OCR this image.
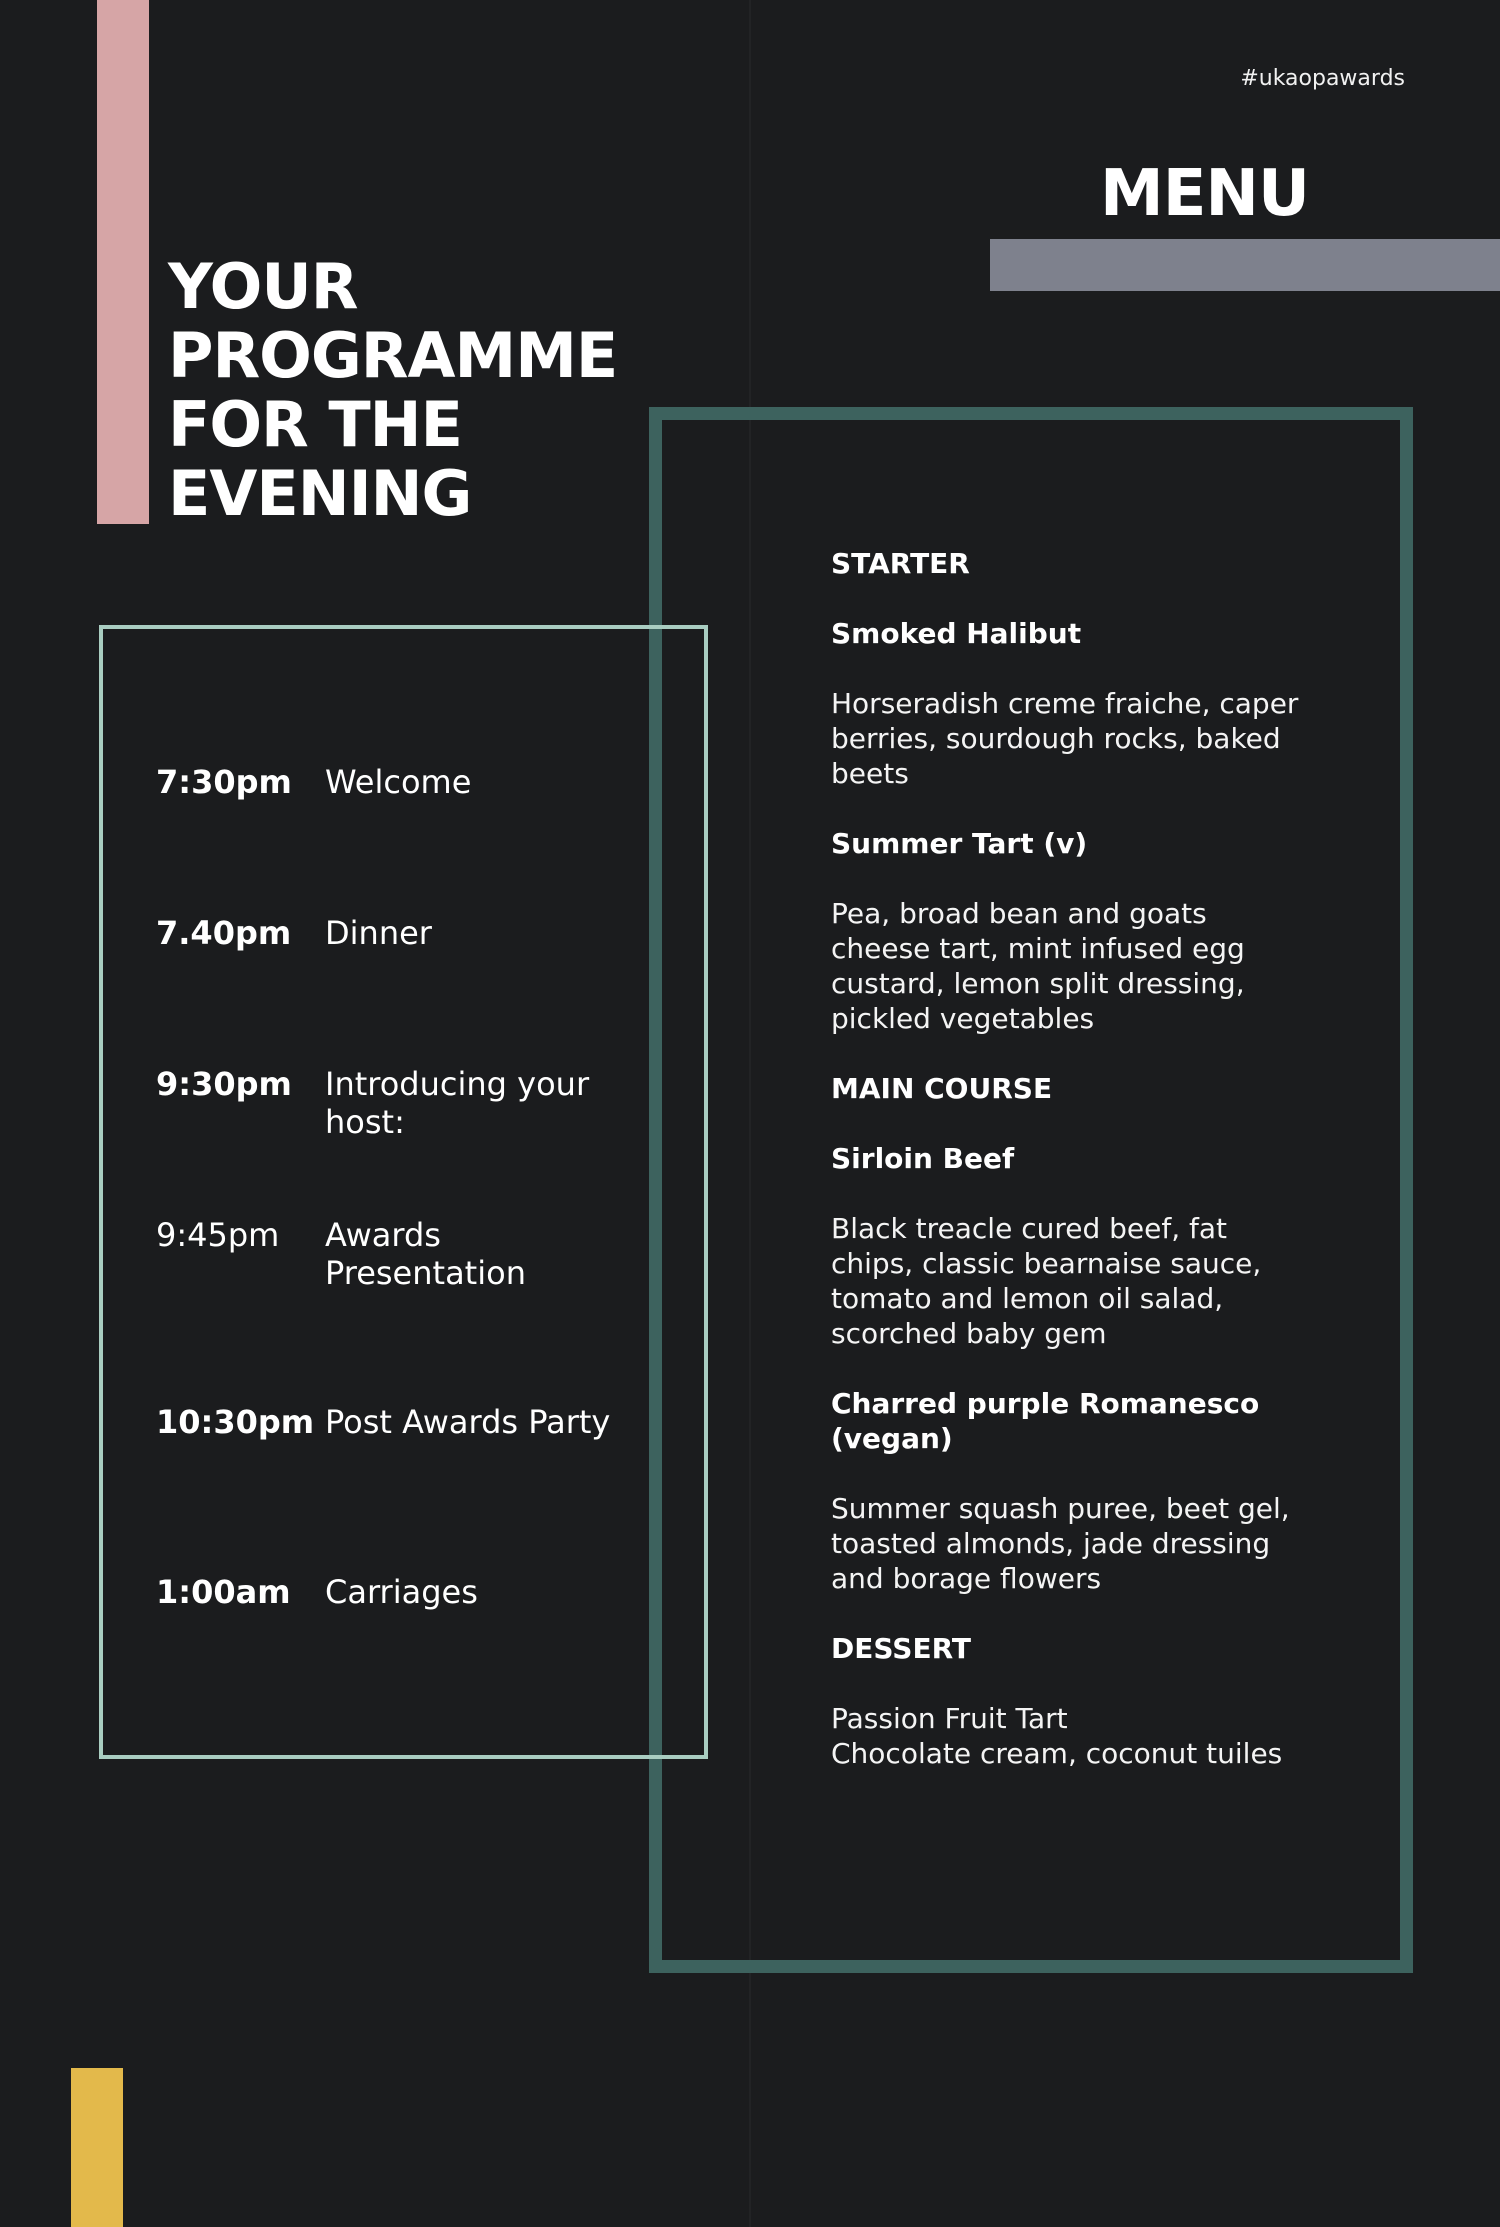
YOUR
PROGRAMME
FOR THE
EVENING
#ukaopawards
MENU
7:30pm	Welcome
7.40pm	Dinner
9:30pm	Introducing your host:
9:45pm	Awards Presentation
10:30pm Post Awards Party
1:00am	Carriages

STARTER

Smoked Halibut

Horseradish creme fraiche, caper berries, sourdough rocks, baked beets

Summer Tart (v)

Pea, broad bean and goats cheese tart, mint infused egg custard, lemon split dressing, pickled vegetables

MAIN COURSE

Sirloin Beef

Black treacle cured beef, fat chips, classic bearnaise sauce, tomato and lemon oil salad, scorched baby gem

Charred purple Romanesco (vegan)

Summer squash puree, beet gel, toasted almonds, jade dressing and borage flowers

DESSERT

Passion Fruit Tart

Chocolate cream, coconut tuiles
